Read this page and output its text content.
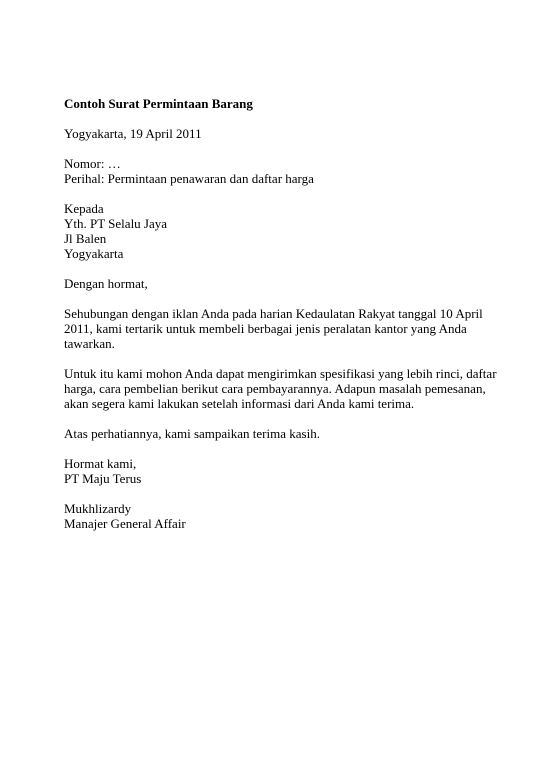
Contoh Surat Permintaan Barang
Yogyakarta, 19 April 2011
Nomor: …
Perihal: Permintaan penawaran dan daftar harga
Kepada
Yth. PT Selalu Jaya
Jl Balen
Yogyakarta
Dengan hormat,
Sehubungan dengan iklan Anda pada harian Kedaulatan Rakyat tanggal 10 April
2011, kami tertarik untuk membeli berbagai jenis peralatan kantor yang Anda
tawarkan.
Untuk itu kami mohon Anda dapat mengirimkan spesifikasi yang lebih rinci, daftar
harga, cara pembelian berikut cara pembayarannya. Adapun masalah pemesanan,
akan segera kami lakukan setelah informasi dari Anda kami terima.
Atas perhatiannya, kami sampaikan terima kasih.
Hormat kami,
PT Maju Terus
Mukhlizardy
Manajer General Affair
